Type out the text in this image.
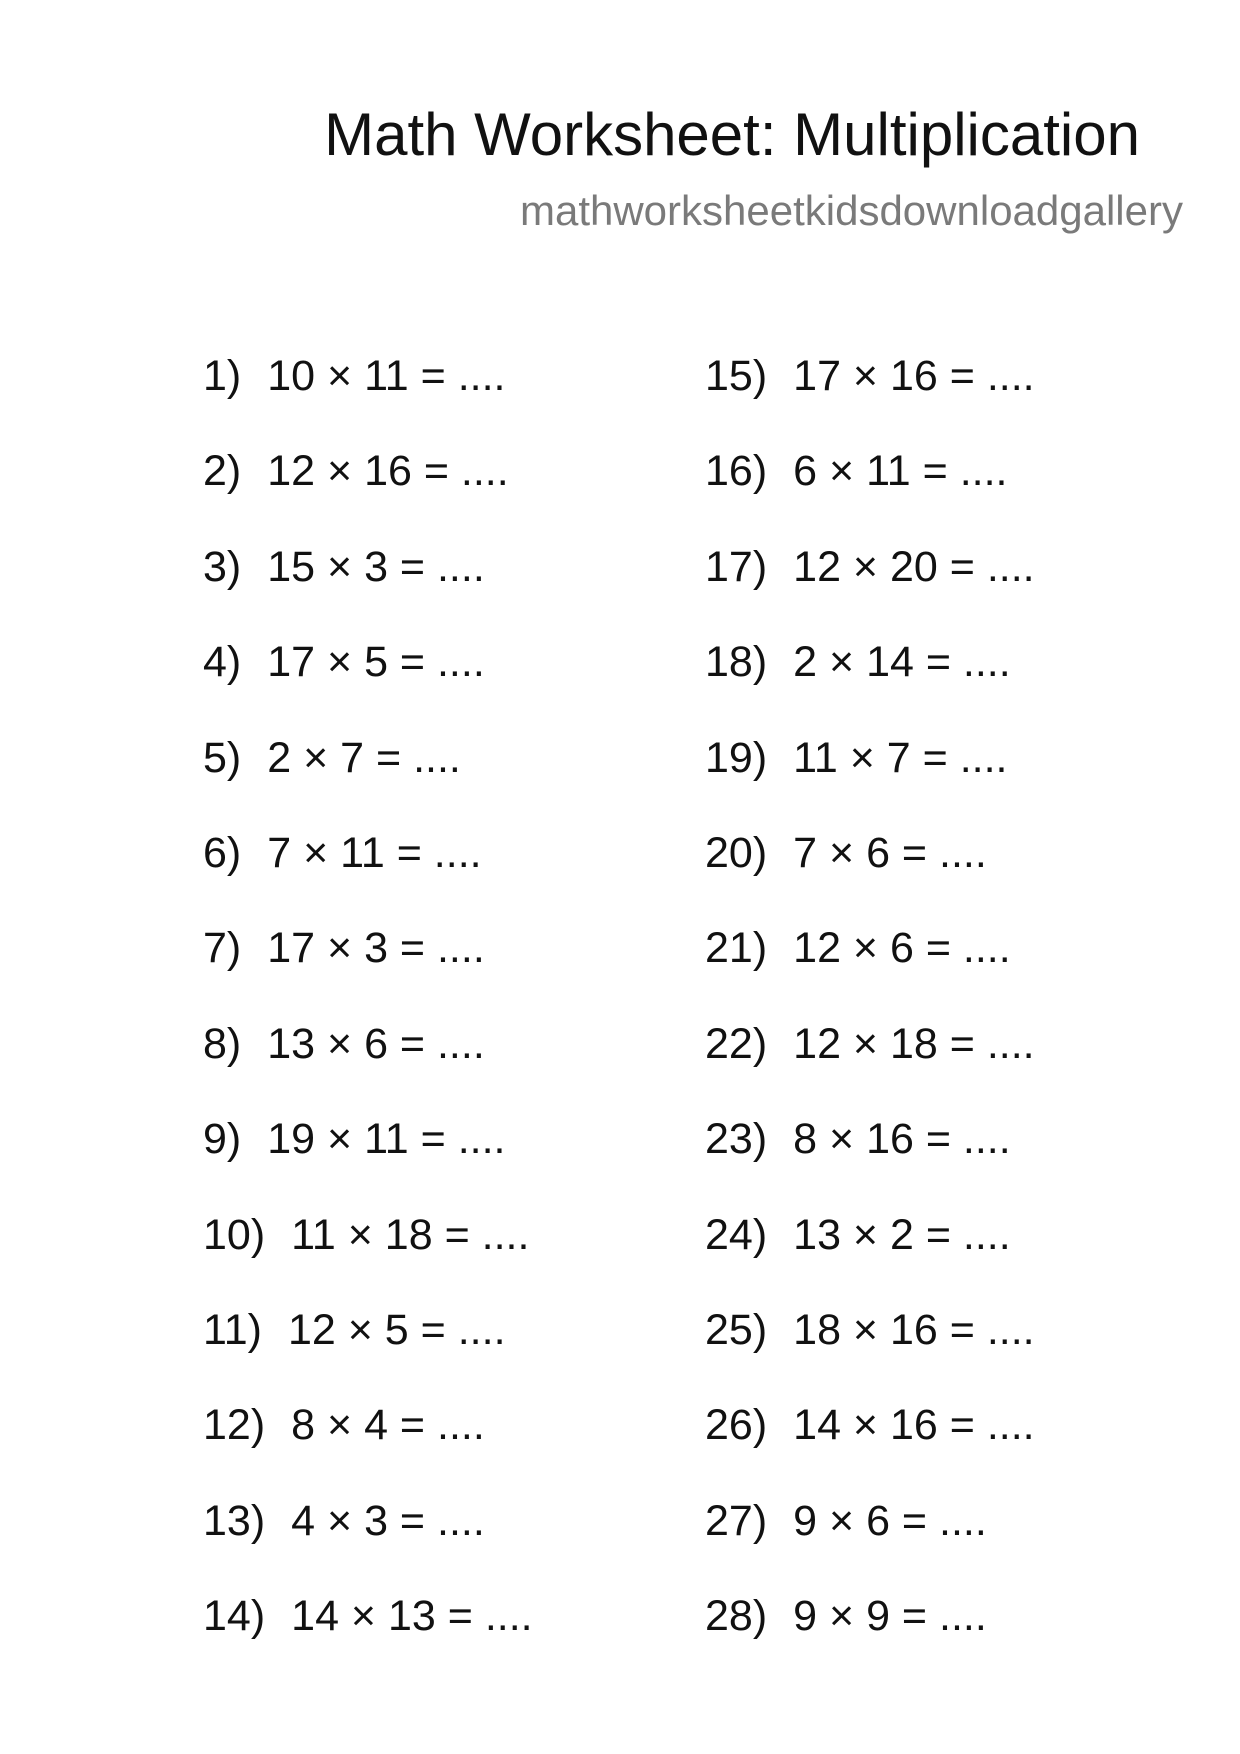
Math Worksheet: Multiplication
mathworksheetkidsdownloadgallery
1) 10 × 11 = ....
2) 12 × 16 = ....
3) 15 × 3 = ....
4) 17 × 5 = ....
5) 2 × 7 = ....
6) 7 × 11 = ....
7) 17 × 3 = ....
8) 13 × 6 = ....
9) 19 × 11 = ....
10) 11 × 18 = ....
11) 12 × 5 = ....
12) 8 × 4 = ....
13) 4 × 3 = ....
14) 14 × 13 = ....
15) 17 × 16 = ....
16) 6 × 11 = ....
17) 12 × 20 = ....
18) 2 × 14 = ....
19) 11 × 7 = ....
20) 7 × 6 = ....
21) 12 × 6 = ....
22) 12 × 18 = ....
23) 8 × 16 = ....
24) 13 × 2 = ....
25) 18 × 16 = ....
26) 14 × 16 = ....
27) 9 × 6 = ....
28) 9 × 9 = ....
